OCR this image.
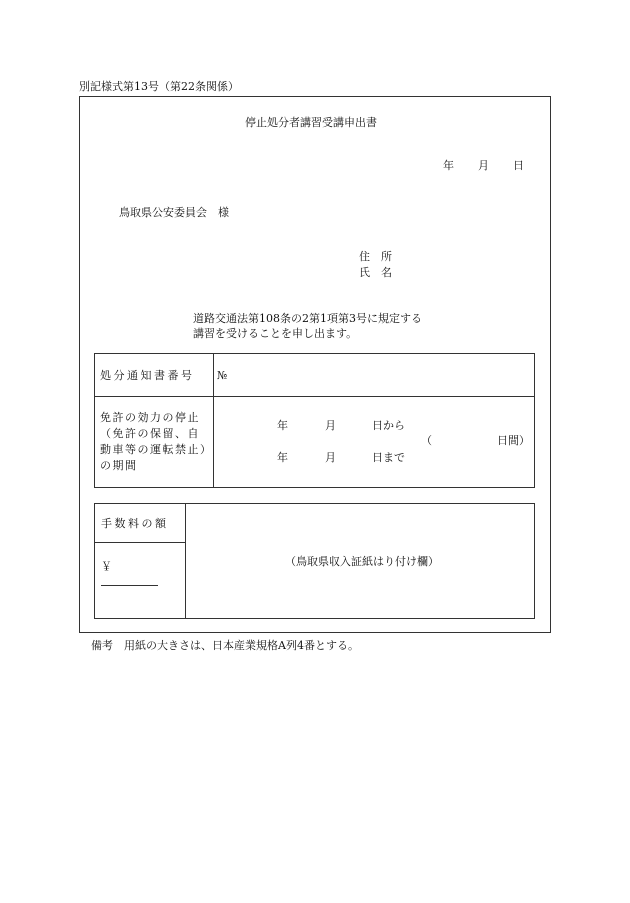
別記様式第13号（第22条関係）
停止処分者講習受講申出書
年 月 日
鳥取県公安委員会　様
住　所
氏　名
道路交通法第108条の2第1項第3号に規定する
講習を受けることを申し出ます。
処分通知書番号 №
免許の効力の停止（免許の保留、自動車等の運転禁止）の期間
年	月	日から
（	日間）
年	月	日まで
手数料の額
￥	（鳥取県収入証紙はり付け欄）
備考　用紙の大きさは、日本産業規格A列4番とする。
